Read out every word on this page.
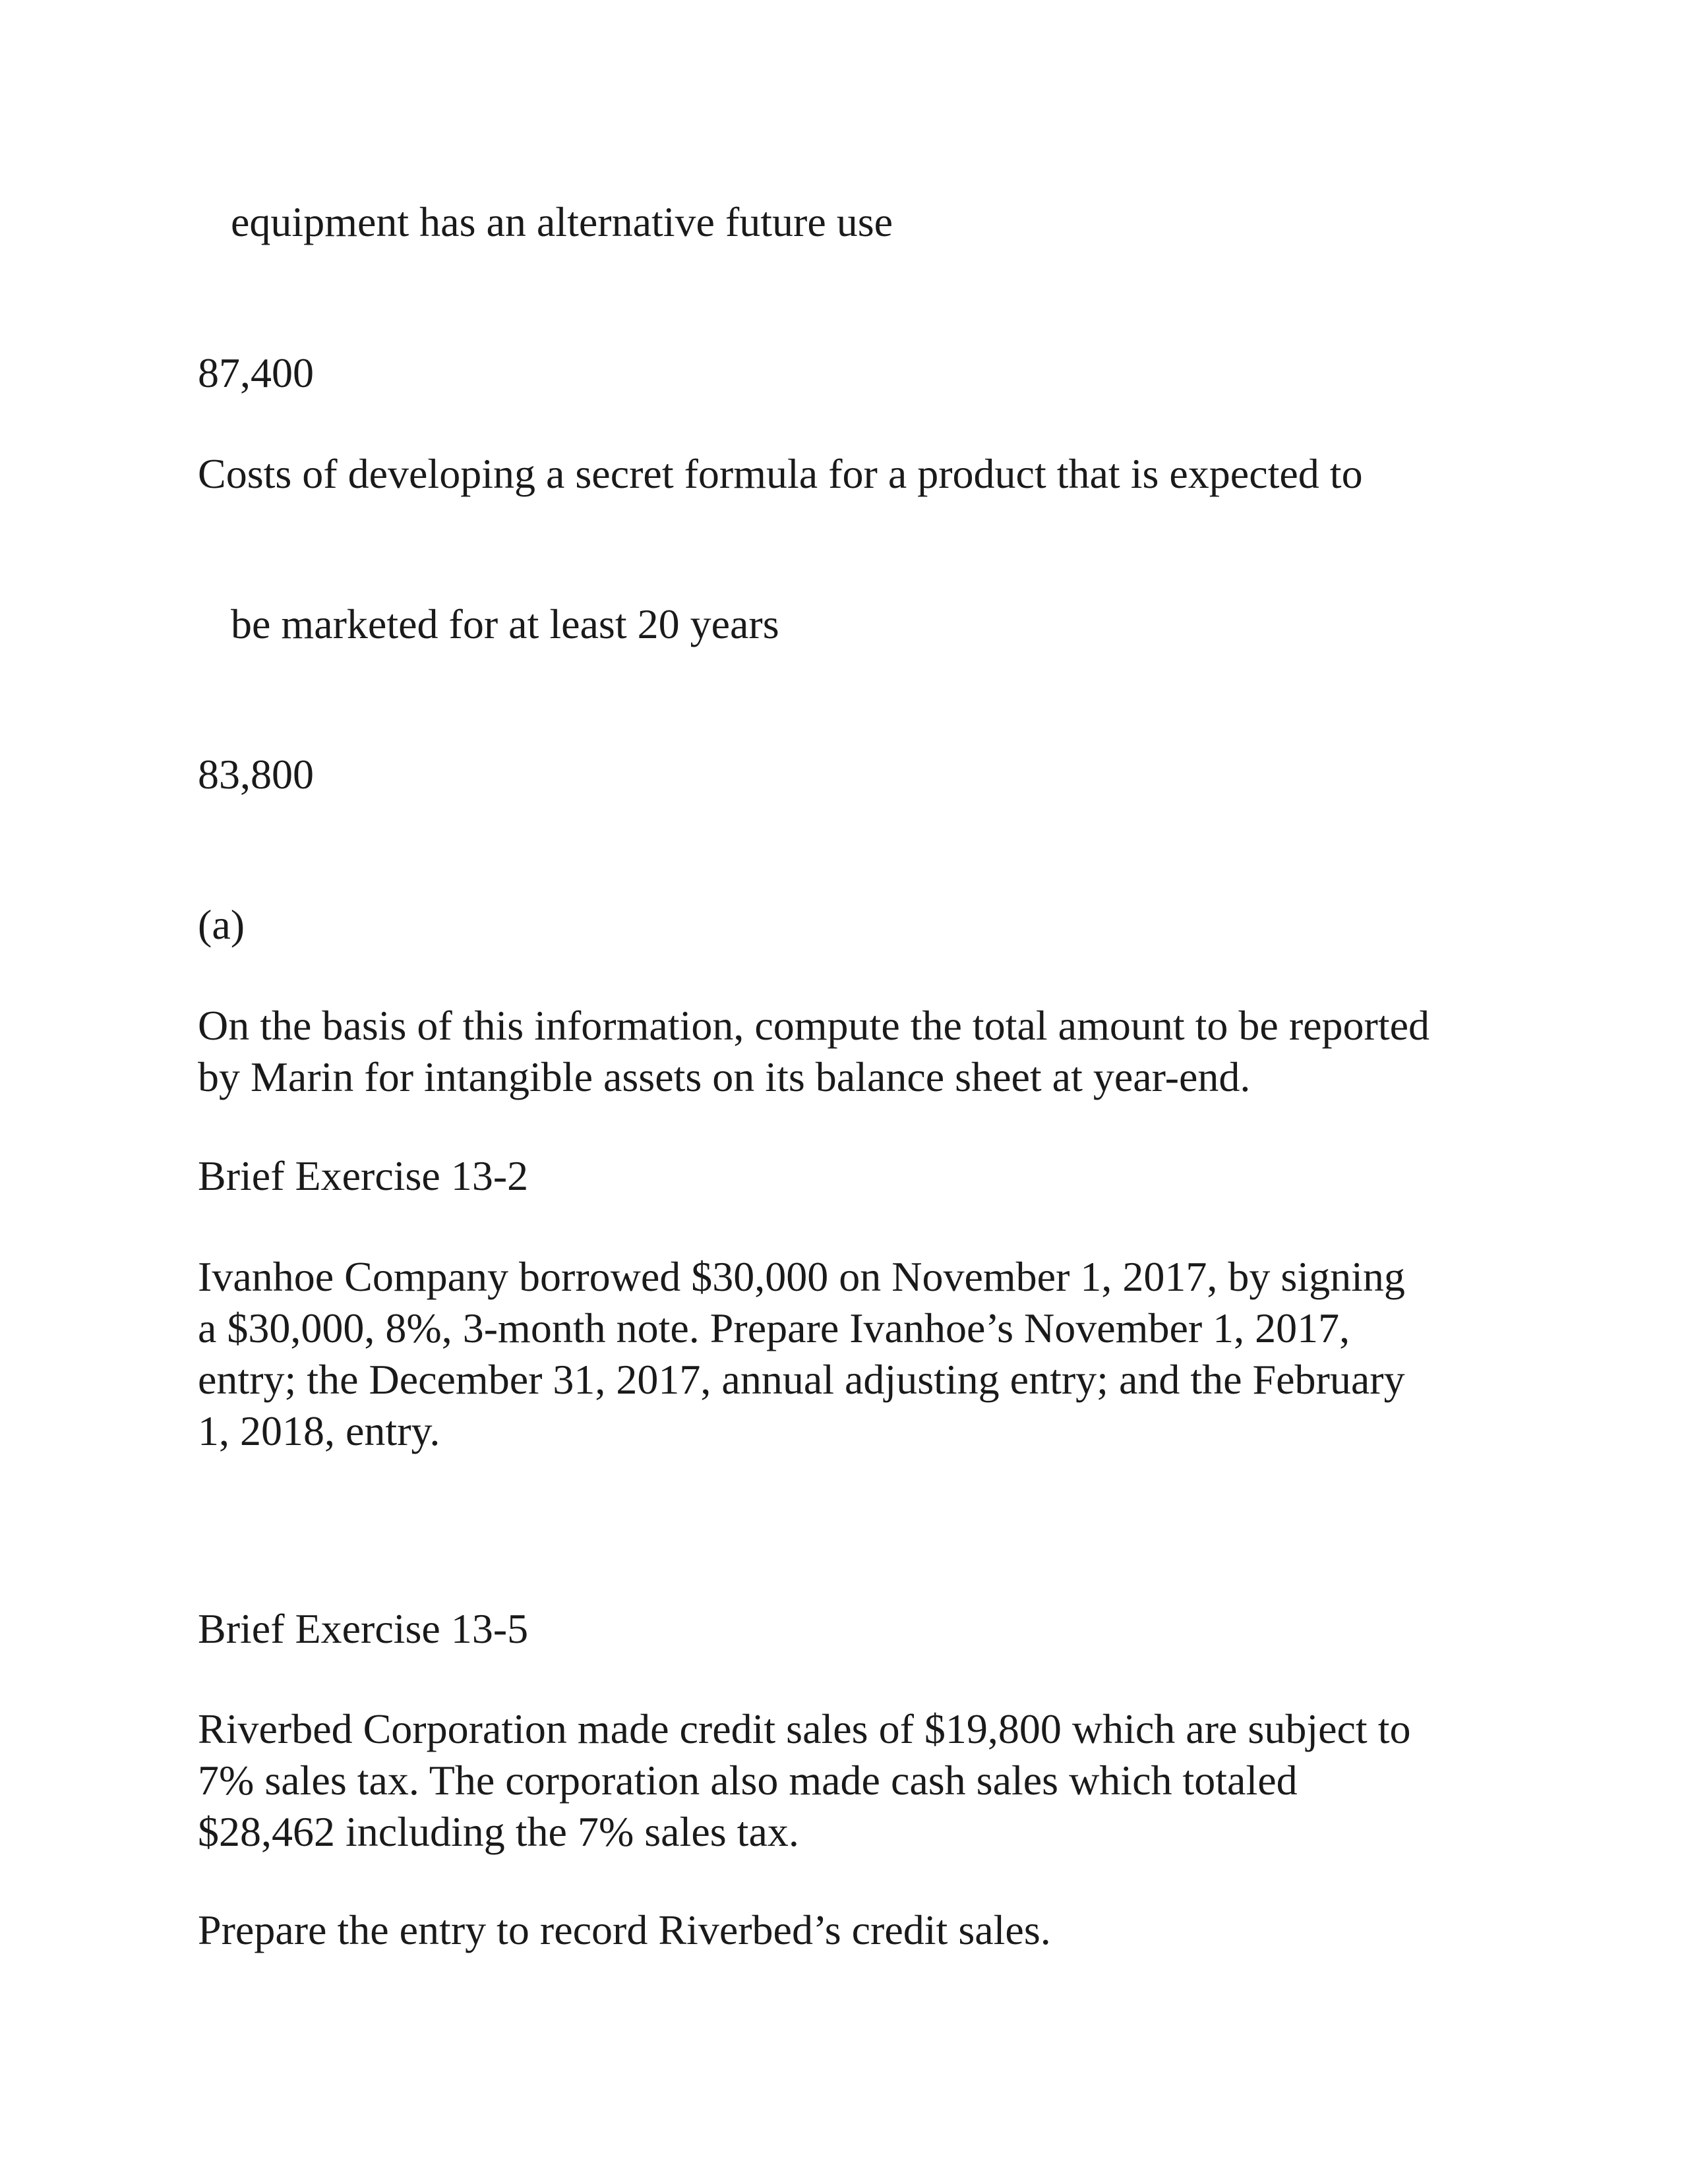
equipment has an alternative future use

87,400

Costs of developing a secret formula for a product that is expected to

be marketed for at least 20 years

83,800

(a)

On the basis of this information, compute the total amount to be reported
by Marin for intangible assets on its balance sheet at year-end.

Brief Exercise 13-2

Ivanhoe Company borrowed $30,000 on November 1, 2017, by signing
a $30,000, 8%, 3-month note. Prepare Ivanhoe’s November 1, 2017,
entry; the December 31, 2017, annual adjusting entry; and the February
1, 2018, entry.

Brief Exercise 13-5

Riverbed Corporation made credit sales of $19,800 which are subject to
7% sales tax. The corporation also made cash sales which totaled
$28,462 including the 7% sales tax.

Prepare the entry to record Riverbed’s credit sales.
